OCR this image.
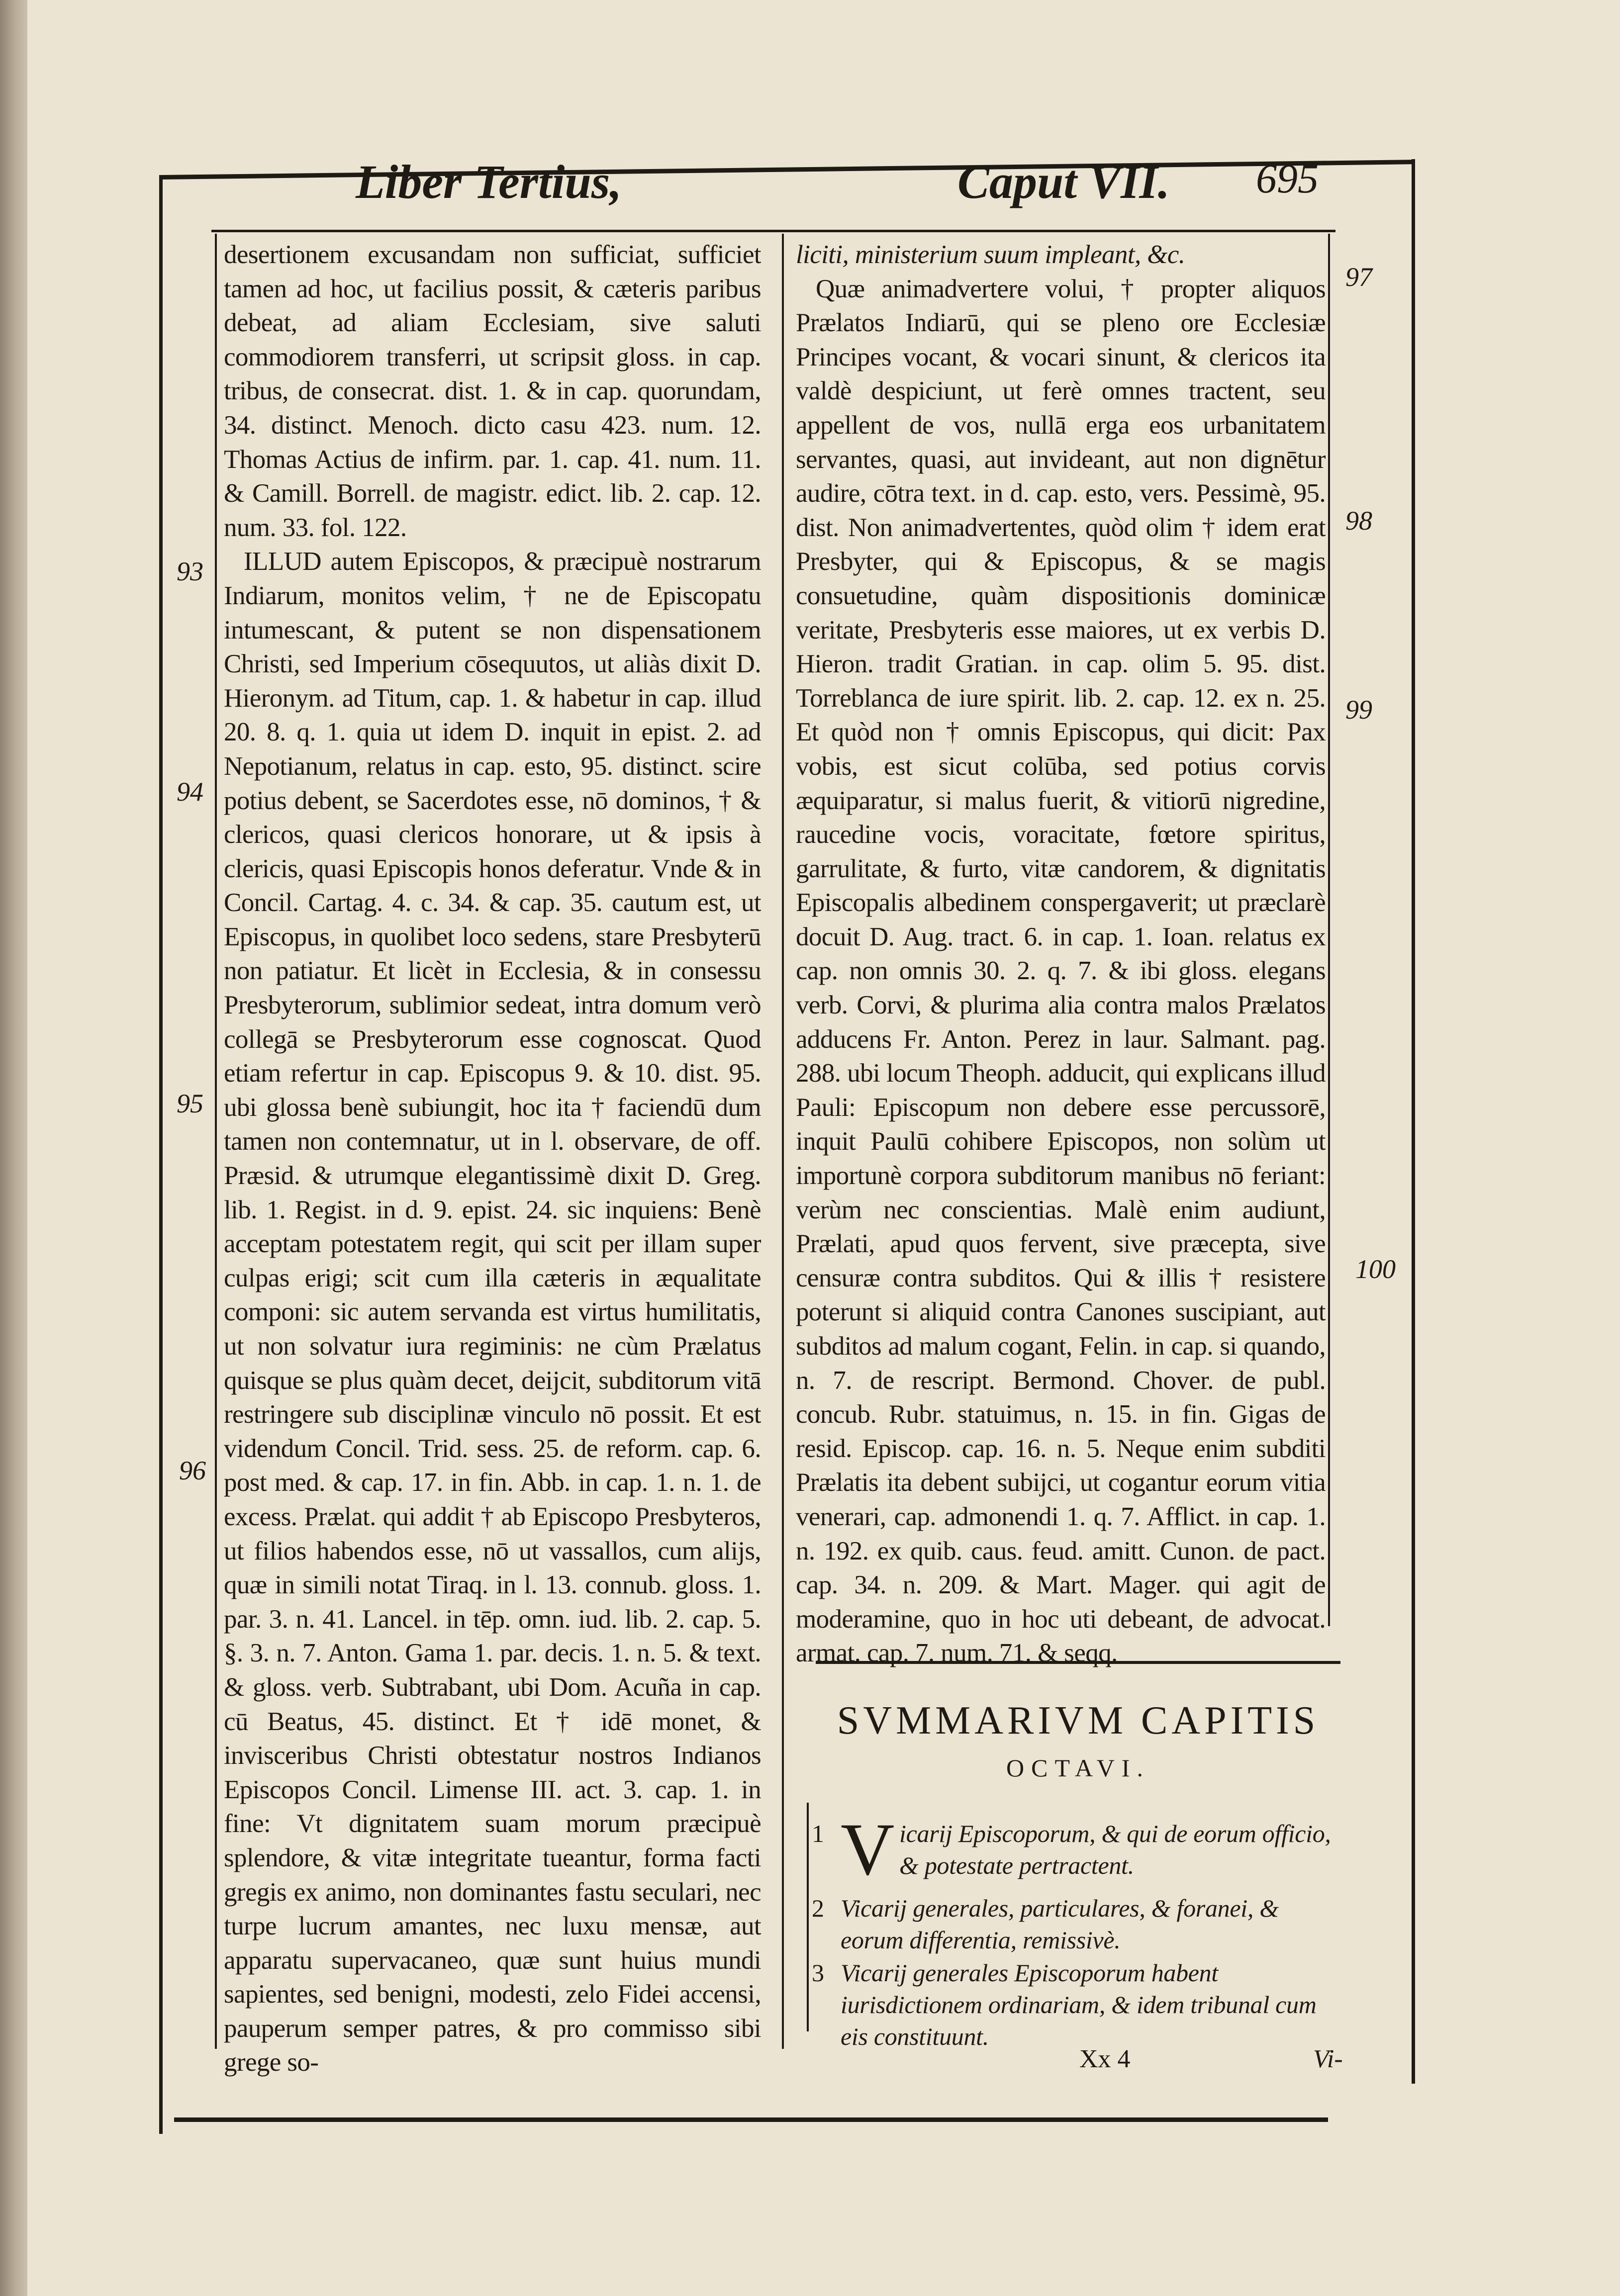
Liber Tertius,	Caput VII. 695

desertionem excusandam non sufficiat, sufficiet tamen ad hoc, ut facilius possit, & cæteris paribus debeat, ad aliam Ecclesiam, sive saluti commodiorem transferri, ut scripsit gloss. in cap. tribus, de consecrat. dist. 1. & in cap. quorundam, 34. distinct. Menoch. dicto casu 423. num. 12. Thomas Actius de infirm. par. 1. cap. 41. num. 11. & Camill. Borrell. de magistr. edict. lib. 2. cap. 12. num. 33. fol. 122.

ILLUD autem Episcopos, & præcipuè nostrarum Indiarum, monitos velim, † ne de Episcopatu intumescant, & putent se non dispensationem Christi, sed Imperium cōsequutos, ut aliàs dixit D. Hieronym. ad Titum, cap. 1. & habetur in cap. illud 20. 8. q. 1. quia ut idem D. inquit in epist. 2. ad Nepotianum, relatus in cap. esto, 95. distinct. scire potius debent, se Sacerdotes esse, nō dominos, † & clericos, quasi clericos honorare, ut & ipsis à clericis, quasi Episcopis honos deferatur. Vnde & in Concil. Cartag. 4. c. 34. & cap. 35. cautum est, ut Episcopus, in quolibet loco sedens, stare Presbyterū non patiatur. Et licèt in Ecclesia, & in consessu Presbyterorum, sublimior sedeat, intra domum verò collegā se Presbyterorum esse cognoscat. Quod etiam refertur in cap. Episcopus 9. & 10. dist. 95. ubi glossa benè subiungit, hoc ita † faciendū dum tamen non contemnatur, ut in l. observare, de off. Præsid. & utrumque elegantissimè dixit D. Greg. lib. 1. Regist. in d. 9. epist. 24. sic inquiens: Benè acceptam potestatem regit, qui scit per illam super culpas erigi; scit cum illa cæteris in æqualitate componi: sic autem servanda est virtus humilitatis, ut non solvatur iura regiminis: ne cùm Prælatus quisque se plus quàm decet, deijcit, subditorum vitā restringere sub disciplinæ vinculo nō possit. Et est videndum Concil. Trid. sess. 25. de reform. cap. 6. post med. & cap. 17. in fin. Abb. in cap. 1. n. 1. de excess. Prælat. qui addit † ab Episcopo Presbyteros, ut filios habendos esse, nō ut vassallos, cum alijs, quæ in simili notat Tiraq. in l. 13. connub. gloss. 1. par. 3. n. 41. Lancel. in tēp. omn. iud. lib. 2. cap. 5. §. 3. n. 7. Anton. Gama 1. par. decis. 1. n. 5. & text. & gloss. verb. Subtrabant, ubi Dom. Acuña in cap. cū Beatus, 45. distinct. Et † idē monet, & invisceribus Christi obtestatur nostros Indianos Episcopos Concil. Limense III. act. 3. cap. 1. in fine: Vt dignitatem suam morum præcipuè splendore, & vitæ integritate tueantur, forma facti gregis ex animo, non dominantes fastu seculari, nec turpe lucrum amantes, nec luxu mensæ, aut apparatu supervacaneo, quæ sunt huius mundi sapientes, sed benigni, modesti, zelo Fidei accensi, pauperum semper patres, & pro commisso sibi grege so-

93
94
95
96

liciti, ministerium suum impleant, &c.

Quæ animadvertere volui, † propter aliquos Prælatos Indiarū, qui se pleno ore Ecclesiæ Principes vocant, & vocari sinunt, & clericos ita valdè despiciunt, ut ferè omnes tractent, seu appellent de vos, nullā erga eos urbanitatem servantes, quasi, aut invideant, aut non dignētur audire, cōtra text. in d. cap. esto, vers. Pessimè, 95. dist. Non animadvertentes, quòd olim † idem erat Presbyter, qui & Episcopus, & se magis consuetudine, quàm dispositionis dominicæ veritate, Presbyteris esse maiores, ut ex verbis D. Hieron. tradit Gratian. in cap. olim 5. 95. dist. Torreblanca de iure spirit. lib. 2. cap. 12. ex n. 25. Et quòd non † omnis Episcopus, qui dicit: Pax vobis, est sicut colūba, sed potius corvis æquiparatur, si malus fuerit, & vitiorū nigredine, raucedine vocis, voracitate, fœtore spiritus, garrulitate, & furto, vitæ candorem, & dignitatis Episcopalis albedinem conspergaverit; ut præclarè docuit D. Aug. tract. 6. in cap. 1. Ioan. relatus ex cap. non omnis 30. 2. q. 7. & ibi gloss. elegans verb. Corvi, & plurima alia contra malos Prælatos adducens Fr. Anton. Perez in laur. Salmant. pag. 288. ubi locum Theoph. adducit, qui explicans illud Pauli: Episcopum non debere esse percussorē, inquit Paulū cohibere Episcopos, non solùm ut importunè corpora subditorum manibus nō feriant: verùm nec conscientias. Malè enim audiunt, Prælati, apud quos fervent, sive præcepta, sive censuræ contra subditos. Qui & illis † resistere poterunt si aliquid contra Canones suscipiant, aut subditos ad malum cogant, Felin. in cap. si quando, n. 7. de rescript. Bermond. Chover. de publ. concub. Rubr. statuimus, n. 15. in fin. Gigas de resid. Episcop. cap. 16. n. 5. Neque enim subditi Prælatis ita debent subijci, ut cogantur eorum vitia venerari, cap. admonendi 1. q. 7. Afflict. in cap. 1. n. 192. ex quib. caus. feud. amitt. Cunon. de pact. cap. 34. n. 209. & Mart. Mager. qui agit de moderamine, quo in hoc uti debeant, de advocat. armat. cap. 7. num. 71. & seqq.

97
98
99
100
SVMMARIVM CAPITIS
OCTAVI.
1 V icarij Episcoporum, & qui de eorum officio, & potestate pertractent.
2 Vicarij generales, particulares, & foranei, & eorum differentia, remissivè.
3 Vicarij generales Episcoporum habent iurisdictionem ordinariam, & idem tribunal cum eis constituunt.
Xx 4	Vi-
